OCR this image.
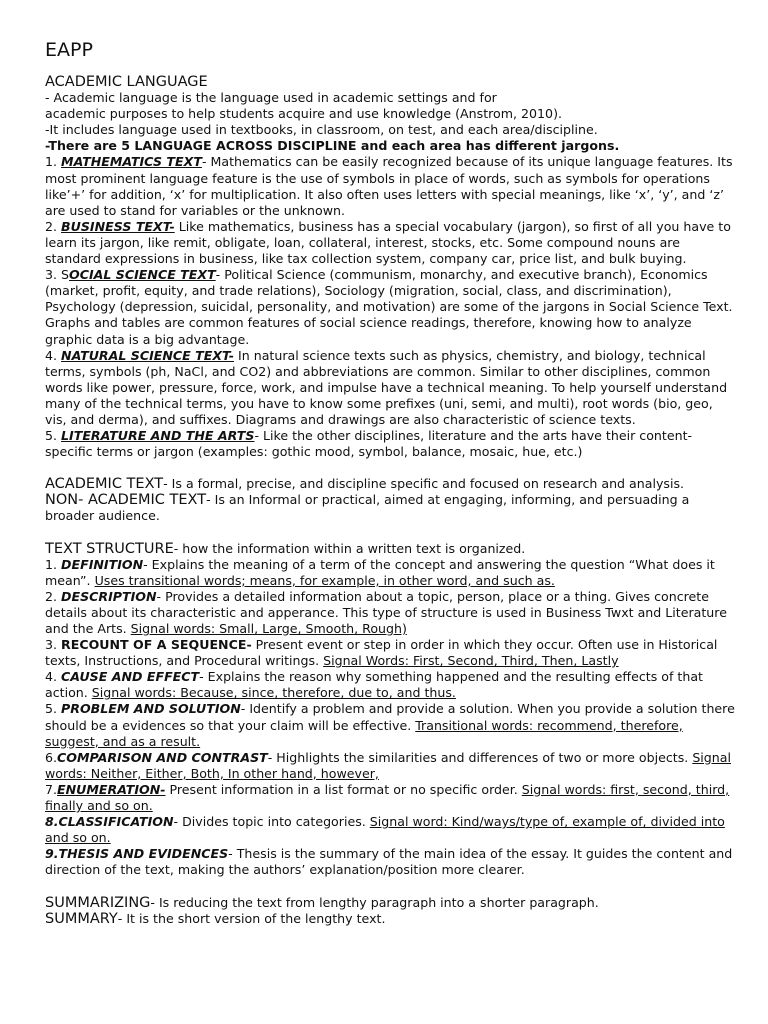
EAPP
ACADEMIC LANGUAGE
- Academic language is the language used in academic settings and for
academic purposes to help students acquire and use knowledge (Anstrom, 2010).
-It includes language used in textbooks, in classroom, on test, and each area/discipline.
-There are 5 LANGUAGE ACROSS DISCIPLINE and each area has different jargons.
1. MATHEMATICS TEXT- Mathematics can be easily recognized because of its unique language features. Its most prominent language feature is the use of symbols in place of words, such as symbols for operations like’+’ for addition, ‘x’ for multiplication. It also often uses letters with special meanings, like ‘x’, ‘y’, and ‘z’ are used to stand for variables or the unknown.
2. BUSINESS TEXT- Like mathematics, business has a special vocabulary (jargon), so first of all you have to learn its jargon, like remit, obligate, loan, collateral, interest, stocks, etc. Some compound nouns are standard expressions in business, like tax collection system, company car, price list, and bulk buying.
3. SOCIAL SCIENCE TEXT- Political Science (communism, monarchy, and executive branch), Economics (market, profit, equity, and trade relations), Sociology (migration, social, class, and discrimination), Psychology (depression, suicidal, personality, and motivation) are some of the jargons in Social Science Text. Graphs and tables are common features of social science readings, therefore, knowing how to analyze graphic data is a big advantage.
4. NATURAL SCIENCE TEXT- In natural science texts such as physics, chemistry, and biology, technical terms, symbols (ph, NaCl, and CO2) and abbreviations are common. Similar to other disciplines, common words like power, pressure, force, work, and impulse have a technical meaning. To help yourself understand many of the technical terms, you have to know some prefixes (uni, semi, and multi), root words (bio, geo, vis, and derma), and suffixes. Diagrams and drawings are also characteristic of science texts.
5. LITERATURE AND THE ARTS- Like the other disciplines, literature and the arts have their content-specific terms or jargon (examples: gothic mood, symbol, balance, mosaic, hue, etc.)
ACADEMIC TEXT- Is a formal, precise, and discipline specific and focused on research and analysis.
NON- ACADEMIC TEXT- Is an Informal or practical, aimed at engaging, informing, and persuading a broader audience.
TEXT STRUCTURE- how the information within a written text is organized.
1. DEFINITION- Explains the meaning of a term of the concept and answering the question “What does it mean”. Uses transitional words; means, for example, in other word, and such as.
2. DESCRIPTION- Provides a detailed information about a topic, person, place or a thing. Gives concrete details about its characteristic and apperance. This type of structure is used in Business Twxt and Literature and the Arts. Signal words: Small, Large, Smooth, Rough)
3. RECOUNT OF A SEQUENCE- Present event or step in order in which they occur. Often use in Historical texts, Instructions, and Procedural writings. Signal Words: First, Second, Third, Then, Lastly
4. CAUSE AND EFFECT- Explains the reason why something happened and the resulting effects of that action. Signal words: Because, since, therefore, due to, and thus.
5. PROBLEM AND SOLUTION- Identify a problem and provide a solution. When you provide a solution there should be a evidences so that your claim will be effective. Transitional words: recommend, therefore, suggest, and as a result.
6.COMPARISON AND CONTRAST- Highlights the similarities and differences of two or more objects. Signal words: Neither, Either, Both, In other hand, however,
7.ENUMERATION- Present information in a list format or no specific order. Signal words: first, second, third, finally and so on.
8.CLASSIFICATION- Divides topic into categories. Signal word: Kind/ways/type of, example of, divided into and so on.
9.THESIS AND EVIDENCES- Thesis is the summary of the main idea of the essay. It guides the content and direction of the text, making the authors’ explanation/position more clearer.
SUMMARIZING- Is reducing the text from lengthy paragraph into a shorter paragraph.
SUMMARY- It is the short version of the lengthy text.
